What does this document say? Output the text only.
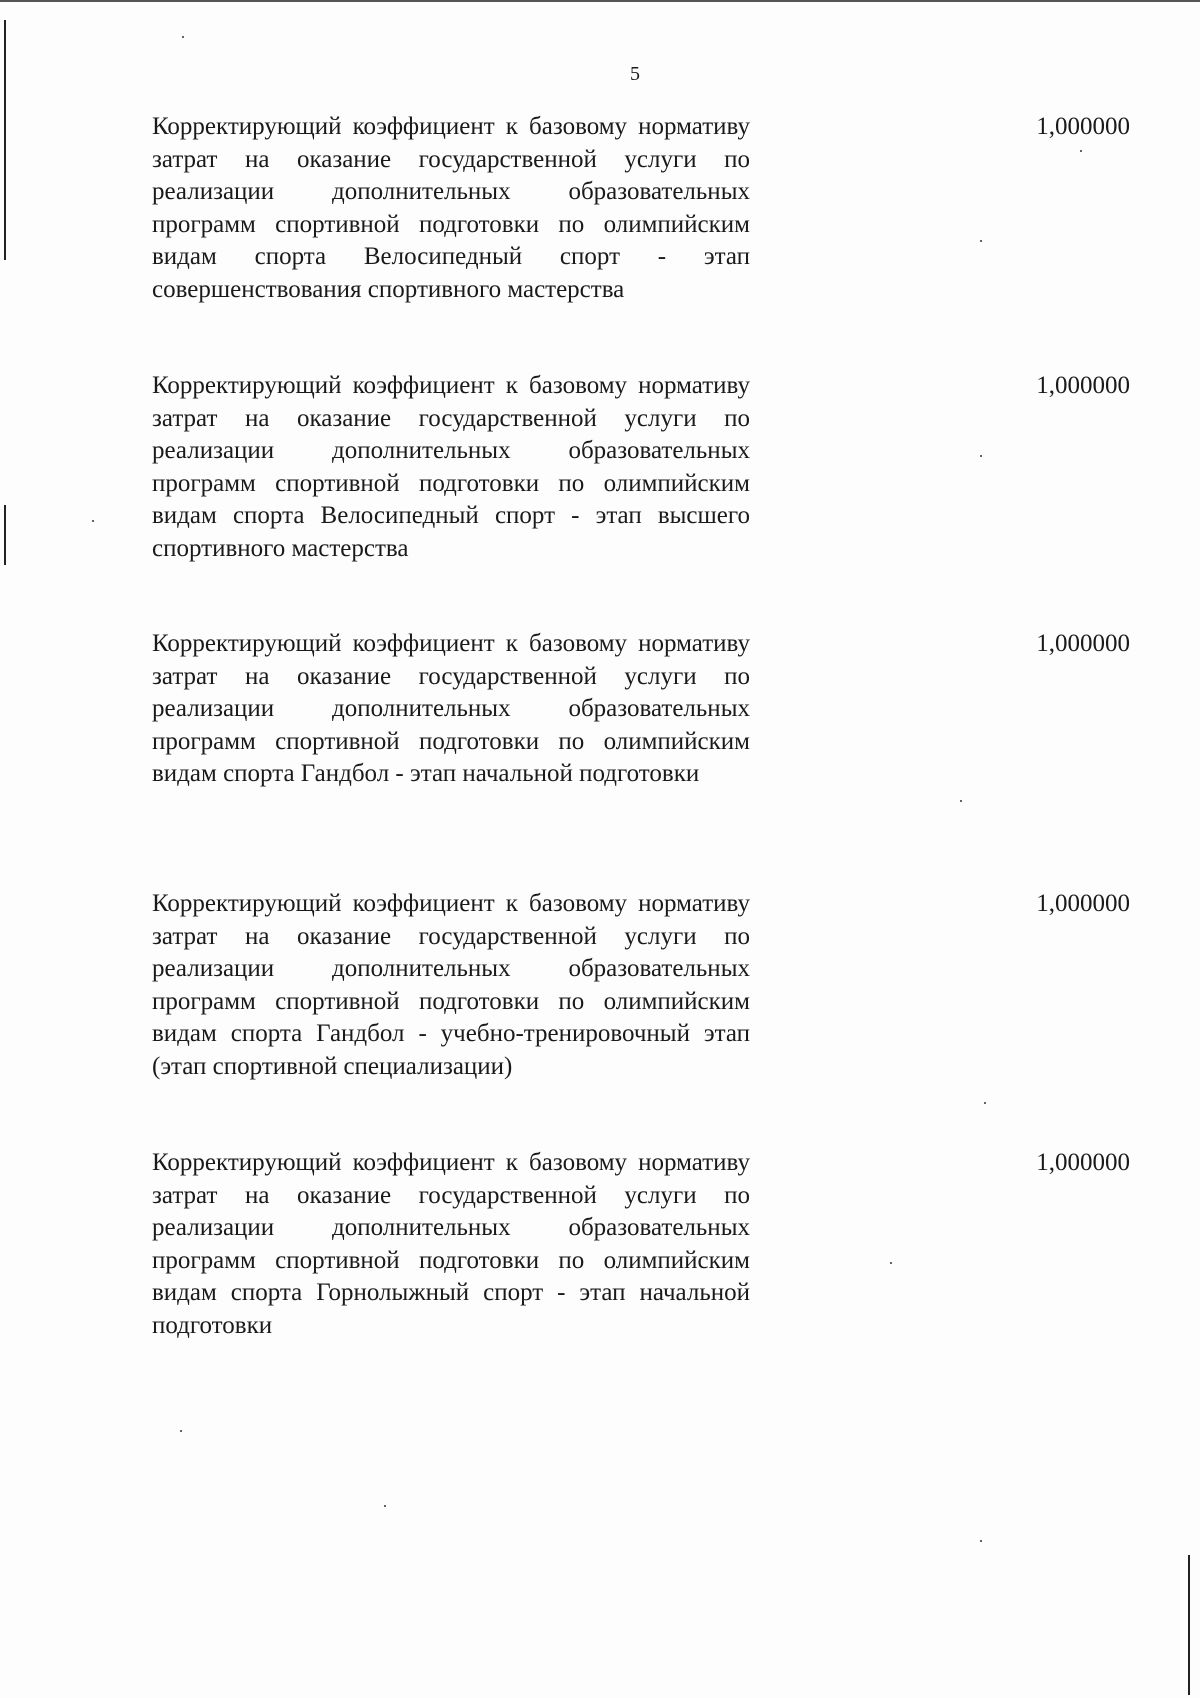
5
Корректирующий коэффициент к базовому нормативу затрат на оказание государственной услуги по реализации дополнительных образовательных программ спортивной подготовки по олимпийским видам спорта Велосипедный спорт - этап совершенствования спортивного мастерства
1,000000
Корректирующий коэффициент к базовому нормативу затрат на оказание государственной услуги по реализации дополнительных образовательных программ спортивной подготовки по олимпийским видам спорта Велосипедный спорт - этап высшего спортивного мастерства
1,000000
Корректирующий коэффициент к базовому нормативу затрат на оказание государственной услуги по реализации дополнительных образовательных программ спортивной подготовки по олимпийским видам спорта Гандбол - этап начальной подготовки
1,000000
Корректирующий коэффициент к базовому нормативу затрат на оказание государственной услуги по реализации дополнительных образовательных программ спортивной подготовки по олимпийским видам спорта Гандбол - учебно-тренировочный этап (этап спортивной специализации)
1,000000
Корректирующий коэффициент к базовому нормативу затрат на оказание государственной услуги по реализации дополнительных образовательных программ спортивной подготовки по олимпийским видам спорта Горнолыжный спорт - этап начальной подготовки
1,000000
